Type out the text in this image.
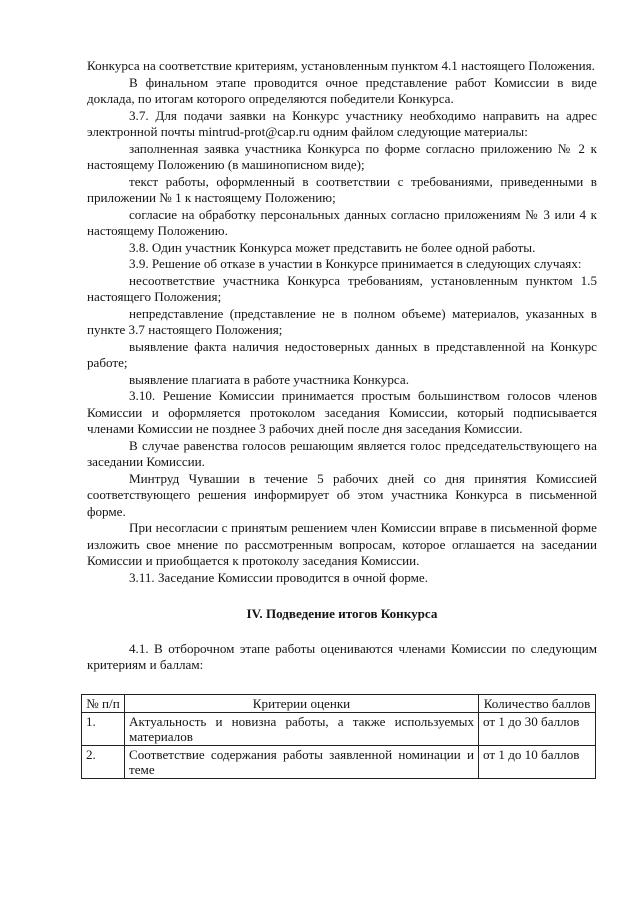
Конкурса на соответствие критериям, установленным пунктом 4.1 настоящего Положения.

В финальном этапе проводится очное представление работ Комиссии в виде доклада, по итогам которого определяются победители Конкурса.

3.7. Для подачи заявки на Конкурс участнику необходимо направить на адрес электронной почты mintrud-prot@cap.ru одним файлом следующие материалы:

заполненная заявка участника Конкурса по форме согласно приложению № 2 к настоящему Положению (в машинописном виде);

текст работы, оформленный в соответствии с требованиями, приведенными в приложении № 1 к настоящему Положению;

согласие на обработку персональных данных согласно приложениям № 3 или 4 к настоящему Положению.

3.8. Один участник Конкурса может представить не более одной работы.

3.9. Решение об отказе в участии в Конкурсе принимается в следующих случаях:

несоответствие участника Конкурса требованиям, установленным пунктом 1.5 настоящего Положения;

непредставление (представление не в полном объеме) материалов, указанных в пункте 3.7 настоящего Положения;

выявление факта наличия недостоверных данных в представленной на Конкурс работе;

выявление плагиата в работе участника Конкурса.

3.10. Решение Комиссии принимается простым большинством голосов членов Комиссии и оформляется протоколом заседания Комиссии, который подписывается членами Комиссии не позднее 3 рабочих дней после дня заседания Комиссии.

В случае равенства голосов решающим является голос председательствующего на заседании Комиссии.

Минтруд Чувашии в течение 5 рабочих дней со дня принятия Комиссией соответствующего решения информирует об этом участника Конкурса в письменной форме.

При несогласии с принятым решением член Комиссии вправе в письменной форме изложить свое мнение по рассмотренным вопросам, которое оглашается на заседании Комиссии и приобщается к протоколу заседания Комиссии.

3.11. Заседание Комиссии проводится в очной форме.

IV. Подведение итогов Конкурса

4.1. В отборочном этапе работы оцениваются членами Комиссии по следующим критериям и баллам:

№ п/п	Критерии оценки	Количество баллов
1.	Актуальность и новизна работы, а также используемых материалов	от 1 до 30 баллов
2.	Соответствие содержания работы заявленной номинации и теме	от 1 до 10 баллов
